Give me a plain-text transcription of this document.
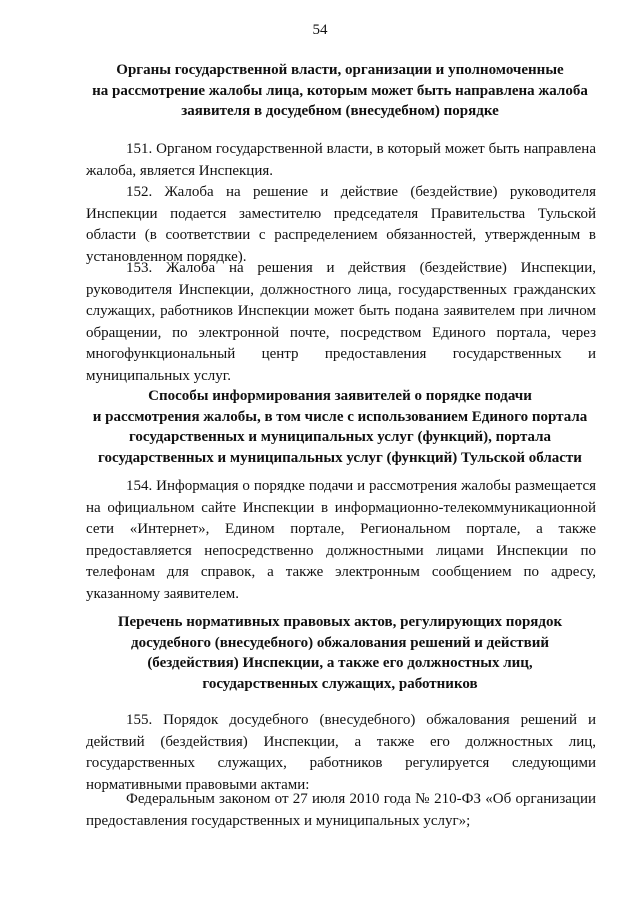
54
Органы государственной власти, организации и уполномоченные
на рассмотрение жалобы лица, которым может быть направлена жалоба
заявителя в досудебном (внесудебном) порядке

151. Органом государственной власти, в который может быть направлена жалоба, является Инспекция.

152. Жалоба на решение и действие (бездействие) руководителя Инспекции подается заместителю председателя Правительства Тульской области (в соответствии с распределением обязанностей, утвержденным в установленном порядке).

153. Жалоба на решения и действия (бездействие) Инспекции, руководителя Инспекции, должностного лица, государственных гражданских служащих, работников Инспекции может быть подана заявителем при личном обращении, по электронной почте, посредством Единого портала, через многофункциональный центр предоставления государственных и муниципальных услуг.

Способы информирования заявителей о порядке подачи
и рассмотрения жалобы, в том числе с использованием Единого портала
государственных и муниципальных услуг (функций), портала
государственных и муниципальных услуг (функций) Тульской области

154. Информация о порядке подачи и рассмотрения жалобы размещается на официальном сайте Инспекции в информационно-телекоммуникационной сети «Интернет», Едином портале, Региональном портале, а также предоставляется непосредственно должностными лицами Инспекции по телефонам для справок, а также электронным сообщением по адресу, указанному заявителем.

Перечень нормативных правовых актов, регулирующих порядок
досудебного (внесудебного) обжалования решений и действий
(бездействия) Инспекции, а также его должностных лиц,
государственных служащих, работников

155. Порядок досудебного (внесудебного) обжалования решений и действий (бездействия) Инспекции, а также его должностных лиц, государственных служащих, работников регулируется следующими нормативными правовыми актами:

Федеральным законом от 27 июля 2010 года № 210-ФЗ «Об организации предоставления государственных и муниципальных услуг»;
